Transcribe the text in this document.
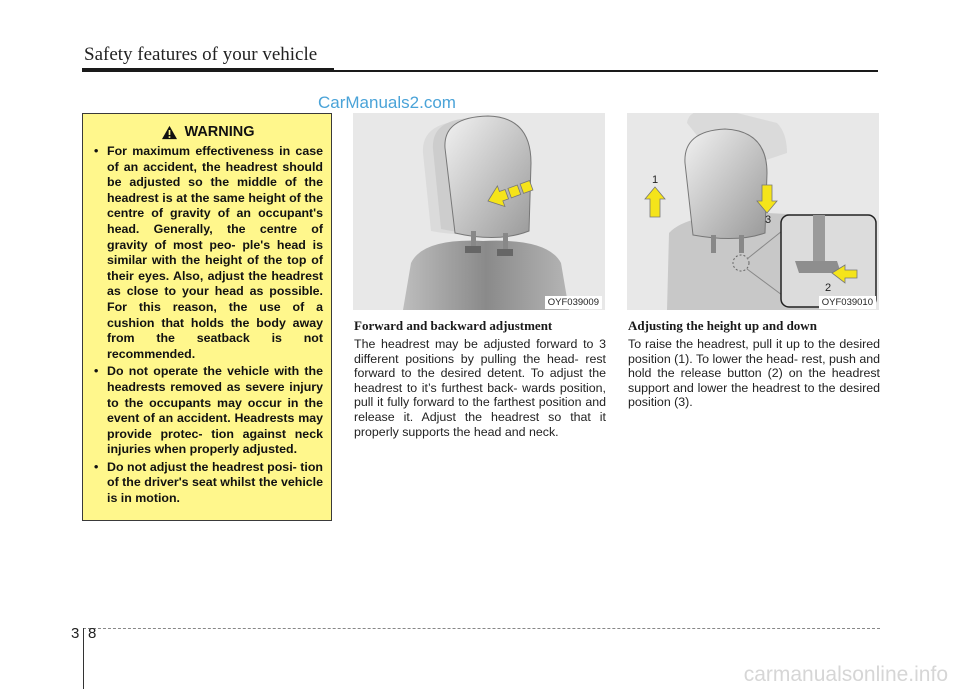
Safety features of your vehicle
CarManuals2.com
WARNING
• For maximum effectiveness in case of an accident, the headrest should be adjusted so the middle of the headrest is at the same height of the centre of gravity of an occupant's head. Generally, the centre of gravity of most peo- ple's head is similar with the height of the top of their eyes. Also, adjust the headrest as close to your head as possible. For this reason, the use of a cushion that holds the body away from the seatback is not recommended.
• Do not operate the vehicle with the headrests removed as severe injury to the occupants may occur in the event of an accident. Headrests may provide protec- tion against neck injuries when properly adjusted.
• Do not adjust the headrest posi- tion of the driver's seat whilst the vehicle is in motion.
OYF039009
1
3
2
OYF039010

Forward and backward adjustment

The headrest may be adjusted forward to 3 different positions by pulling the head- rest forward to the desired detent. To adjust the headrest to it’s furthest back- wards position, pull it fully forward to the farthest position and release it. Adjust the headrest so that it properly supports the head and neck.

Adjusting the height up and down

To raise the headrest, pull it up to the desired position (1). To lower the head- rest, push and hold the release button (2) on the headrest support and lower the headrest to the desired position (3).

3 8
carmanualsonline.info
